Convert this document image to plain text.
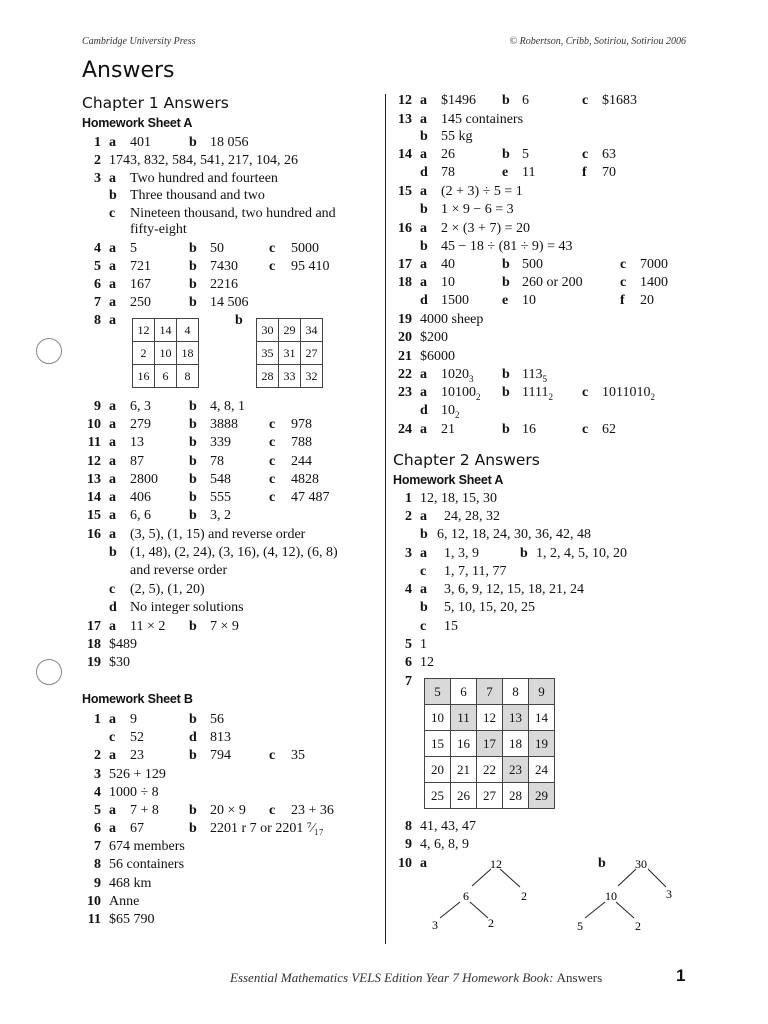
Cambridge University Press	© Robertson, Cribb, Sotiriou, Sotiriou 2006
Answers
Chapter 1 Answers
Homework Sheet A
Homework Sheet B
Chapter 2 Answers
Homework Sheet A
1 a 401	b 18 056
2 1743, 832, 584, 541, 217, 104, 26
3 a Two hundred and fourteen
b Three thousand and two
c Nineteen thousand, two hundred and
fifty-eight
4 a 5	b 50	c 5000
5 a 721	b 7430 c 95 410
6 a 167	b 2216
7 a 250	b 14 506
8 a	b
12	14	4
2	10	18
16	6	8
30	29	34
35	31	27
28	33	32
9 a 6, 3	b 4, 8, 1
10 a 279	b 3888 c 978
11 a 13	b 339	c 788
12 a 87	b 78	c 244
13 a 2800 b 548	c 4828
14 a 406	b 555	c 47 487
15 a 6, 6	b 3, 2
16 a (3, 5), (1, 15) and reverse order
b (1, 48), (2, 24), (3, 16), (4, 12), (6, 8)
and reverse order
c (2, 5), (1, 20)
d No integer solutions
17 a 11 × 2 b 7 × 9
18 $489
19 $30
1 a 9	b 56
c 52	d 813
2 a 23	b 794	c 35
3 526 + 129
4 1000 ÷ 8
5 a 7 + 8 b 20 × 9 c 23 + 36
6 a 67	b 2201 r 7 or 2201 ⁷⁄₁₇
7 674 members
8 56 containers
9 468 km
10 Anne
11 $65 790
12 a $1496 b 6	c $1683
13 a 145 containers
b 55 kg
14 a 26	b 5	c 63
d 78	e 11	f 70
15 a (2 + 3) ÷ 5 = 1
b 1 × 9 − 6 = 3
16 a 2 × (3 + 7) = 20
b 45 − 18 ÷ (81 ÷ 9) = 43
17 a 40	b 500	c 7000
18 a 10	b 260 or 200	c 1400
d 1500 e 10	f 20
19 4000 sheep
20 $200
21 $6000
22 a $1020_3$ b $113_5$
23 a $10100_2$ b $1111_2$ c $1011010_2$
d $10_2$
24 a 21	b 16	c 62
1 12, 18, 15, 30
2 a 24, 28, 32
b 6, 12, 18, 24, 30, 36, 42, 48
3 a 1, 3, 9	b 1, 2, 4, 5, 10, 20
c 1, 7, 11, 77
4 a 3, 6, 9, 12, 15, 18, 21, 24
b 5, 10, 15, 20, 25
c 15
5 1
6 12
7
5	6	7	8	9
10	11	12	13	14
15	16	17	18	19
20	21	22	23	24
25	26	27	28	29
8 41, 43, 47
9 4, 6, 8, 9
10 a	b
12
6	2
3	2
30
10	3
5	2
Essential Mathematics VELS Edition Year 7 Homework Book: Answers	1
